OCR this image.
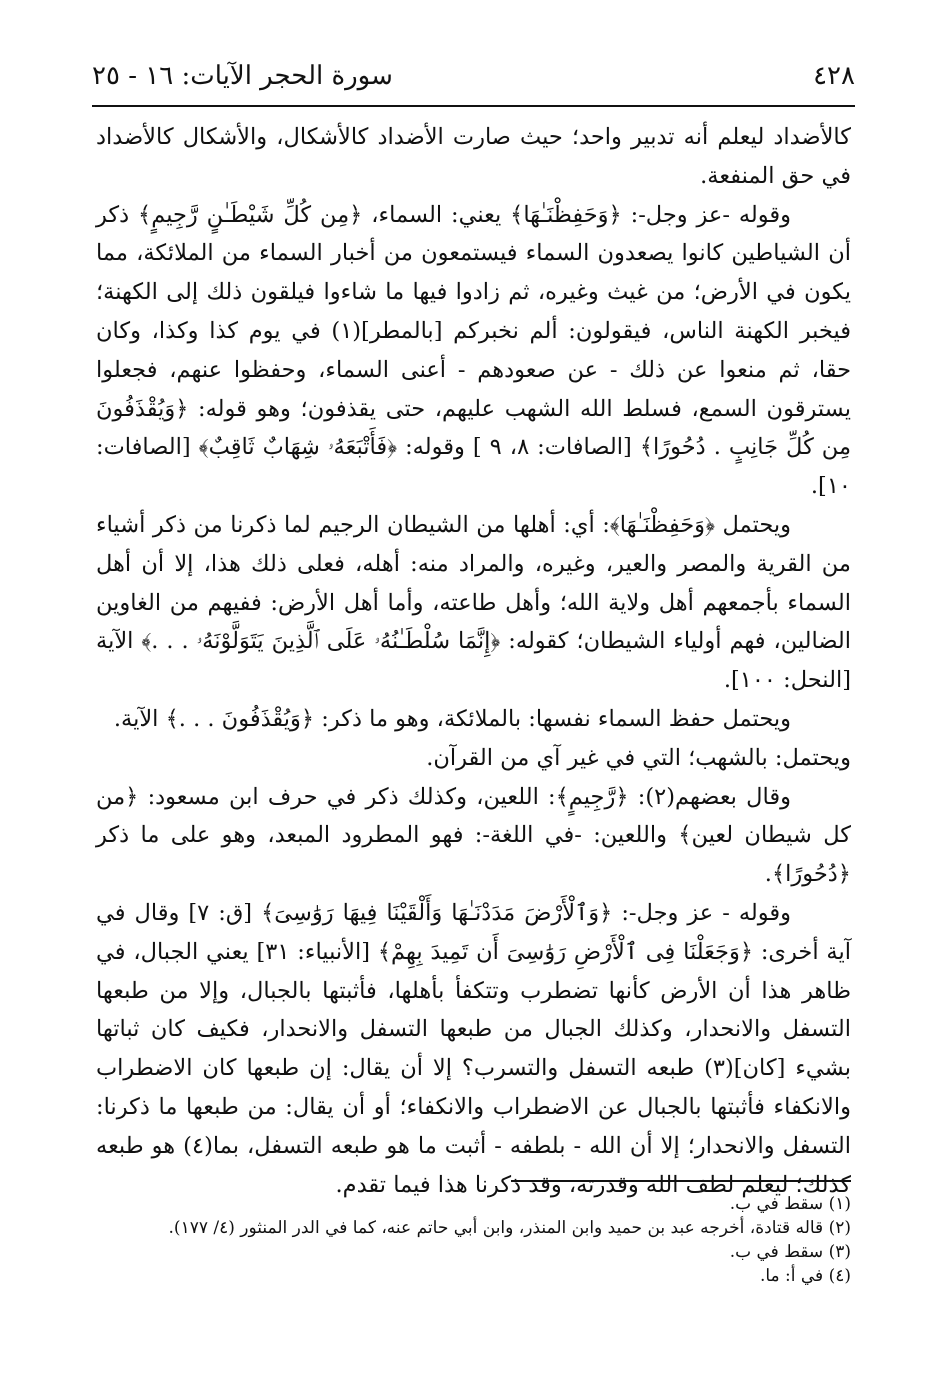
٤٢٨
سورة الحجر الآيات: ١٦ - ٢٥

كالأضداد ليعلم أنه تدبير واحد؛ حيث صارت الأضداد كالأشكال، والأشكال كالأضداد في حق المنفعة.

وقوله -عز وجل-: ﴿وَحَفِظْنَـٰهَا﴾ يعني: السماء، ﴿مِن كُلِّ شَيْطَـٰنٍ رَّجِيمٍ﴾ ذكر أن الشياطين كانوا يصعدون السماء فيستمعون من أخبار السماء من الملائكة، مما يكون في الأرض؛ من غيث وغيره، ثم زادوا فيها ما شاءوا فيلقون ذلك إلى الكهنة؛ فيخبر الكهنة الناس، فيقولون: ألم نخبركم [بالمطر](١) في يوم كذا وكذا، وكان حقا، ثم منعوا عن ذلك - عن صعودهم - أعنى السماء، وحفظوا عنهم، فجعلوا يسترقون السمع، فسلط الله الشهب عليهم، حتى يقذفون؛ وهو قوله: ﴿وَيُقْذَفُونَ مِن كُلِّ جَانِبٍ . دُحُورًا﴾ [الصافات: ٨، ٩ ] وقوله: ﴿فَأَتْبَعَهُۥ شِهَابٌ ثَاقِبٌ﴾ [الصافات: ١٠].

ويحتمل ﴿وَحَفِظْنَـٰهَا﴾: أي: أهلها من الشيطان الرجيم لما ذكرنا من ذكر أشياء من القرية والمصر والعير، وغيره، والمراد منه: أهله، فعلى ذلك هذا، إلا أن أهل السماء بأجمعهم أهل ولاية الله؛ وأهل طاعته، وأما أهل الأرض: ففيهم من الغاوين الضالين، فهم أولياء الشيطان؛ كقوله: ﴿إِنَّمَا سُلْطَـٰنُهُۥ عَلَى ٱلَّذِينَ يَتَوَلَّوْنَهُۥ . . .﴾ الآية [النحل: ١٠٠].

ويحتمل حفظ السماء نفسها: بالملائكة، وهو ما ذكر: ﴿وَيُقْذَفُونَ . . .﴾ الآية.

ويحتمل: بالشهب؛ التي في غير آي من القرآن.

وقال بعضهم(٢): ﴿رَّجِيمٍ﴾: اللعين، وكذلك ذكر في حرف ابن مسعود: ﴿من كل شيطان لعين﴾ واللعين: -في اللغة-: فهو المطرود المبعد، وهو على ما ذكر ﴿دُحُورًا﴾.

وقوله - عز وجل-: ﴿وَٱلْأَرْضَ مَدَدْنَـٰهَا وَأَلْقَيْنَا فِيهَا رَوَٰسِىَ﴾ [ق: ٧] وقال في آية أخرى: ﴿وَجَعَلْنَا فِى ٱلْأَرْضِ رَوَٰسِىَ أَن تَمِيدَ بِهِمْ﴾ [الأنبياء: ٣١] يعني الجبال، في ظاهر هذا أن الأرض كأنها تضطرب وتتكفأ بأهلها، فأثبتها بالجبال، وإلا من طبعها التسفل والانحدار، وكذلك الجبال من طبعها التسفل والانحدار، فكيف كان ثباتها بشيء [كان](٣) طبعه التسفل والتسرب؟ إلا أن يقال: إن طبعها كان الاضطراب والانكفاء فأثبتها بالجبال عن الاضطراب والانكفاء؛ أو أن يقال: من طبعها ما ذكرنا: التسفل والانحدار؛ إلا أن الله - بلطفه - أثبت ما هو طبعه التسفل، بما(٤) هو طبعه كذلك؛ ليعلم لطف الله وقدرته، وقد ذكرنا هذا فيما تقدم.

(١) سقط في ب.

(٢) قاله قتادة، أخرجه عبد بن حميد وابن المنذر، وابن أبي حاتم عنه، كما في الدر المنثور (٤/ ١٧٧).

(٣) سقط في ب.

(٤) في أ: ما.
